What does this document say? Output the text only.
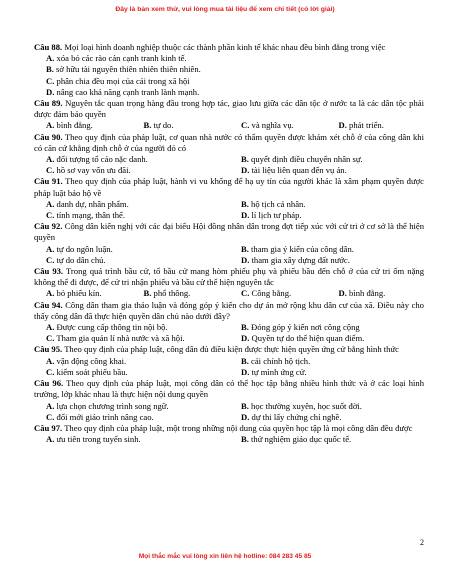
Đây là bản xem thử, vui lòng mua tài liệu để xem chi tiết (có lời giải)

Câu 88. Mọi loại hình doanh nghiệp thuộc các thành phần kinh tế khác nhau đều bình đẳng trong việc

A. xóa bỏ các rào cản cạnh tranh kinh tế.
B. sở hữu tài nguyên thiên nhiên thiên nhiên.
C. phân chia đều mọi của cải trong xã hội
D. nâng cao khả năng cạnh tranh lành mạnh.

Câu 89. Nguyên tắc quan trọng hàng đầu trong hợp tác, giao lưu giữa các dân tộc ở nước ta là các dân tộc phải được đảm bảo quyền

A. bình đẳng.	B. tự do.	C. và nghĩa vụ.	D. phát triển.

Câu 90. Theo quy định của pháp luật, cơ quan nhà nước có thẩm quyền được khám xét chỗ ở của công dân khi có căn cứ khẳng định chỗ ở của người đó có

A. đối tượng tổ cáo nặc danh.	B. quyết định điều chuyển nhân sự.
C. hồ sơ vay vốn ưu đãi.	D. tài liệu liên quan đến vụ án.

Câu 91. Theo quy định của pháp luật, hành vi vu khống để hạ uy tín của người khác là xâm phạm quyền được pháp luật bảo hộ về

A. danh dự, nhân phẩm.	B. hộ tịch cá nhân.
C. tính mạng, thân thể.	D. lí lịch tư pháp.

Câu 92. Công dân kiến nghị với các đại biểu Hội đồng nhân dân trong đợt tiếp xúc với cử tri ở cơ sở là thể hiện quyền

A. tự do ngôn luận.	B. tham gia ý kiến của công dân.
C. tự do dân chủ.	D. tham gia xây dựng đất nước.

Câu 93. Trong quá trình bầu cử, tổ bầu cử mang hòm phiếu phụ và phiếu bầu đến chỗ ở của cử tri ốm nặng không thể đi được, để cử tri nhận phiếu và bầu cử thể hiện nguyên tắc

A. bỏ phiếu kín.	B. phổ thông.	C. Công bằng.	D. bình đẳng.

Câu 94. Công dân tham gia thảo luận và đóng góp ý kiến cho dự án mở rộng khu dân cư của xã. Điều này cho thấy công dân đã thực hiện quyền dân chủ nào dưới đây?

A. Được cung cấp thông tin nội bộ.	B. Đóng góp ý kiến nơi công cộng
C. Tham gia quản lí nhà nước và xã hội.	D. Quyền tự do thể hiện quan điểm.

Câu 95. Theo quy định của pháp luật, công dân đủ điều kiện được thực hiện quyền ứng cử bằng hình thức

A. vận động công khai.	B. cải chính hộ tịch.
C. kiểm soát phiếu bầu.	D. tự mình ứng cử.

Câu 96. Theo quy định của pháp luật, mọi công dân có thể học tập bằng nhiều hình thức và ở các loại hình trường, lớp khác nhau là thực hiện nội dung quyền

A. lựa chọn chương trình song ngữ.	B. học thường xuyên, học suốt đời.
C. đổi mới giáo trình nâng cao.	D. dự thi lấy chứng chỉ nghề.

Câu 97. Theo quy định của pháp luật, một trong những nội dung của quyền học tập là mọi công dân đều được

A. ưu tiên trong tuyển sinh.	B. thử nghiệm giáo dục quốc tế.
2
Mọi thắc mắc vui lòng xin liên hệ hotline: 084 283 45 85
